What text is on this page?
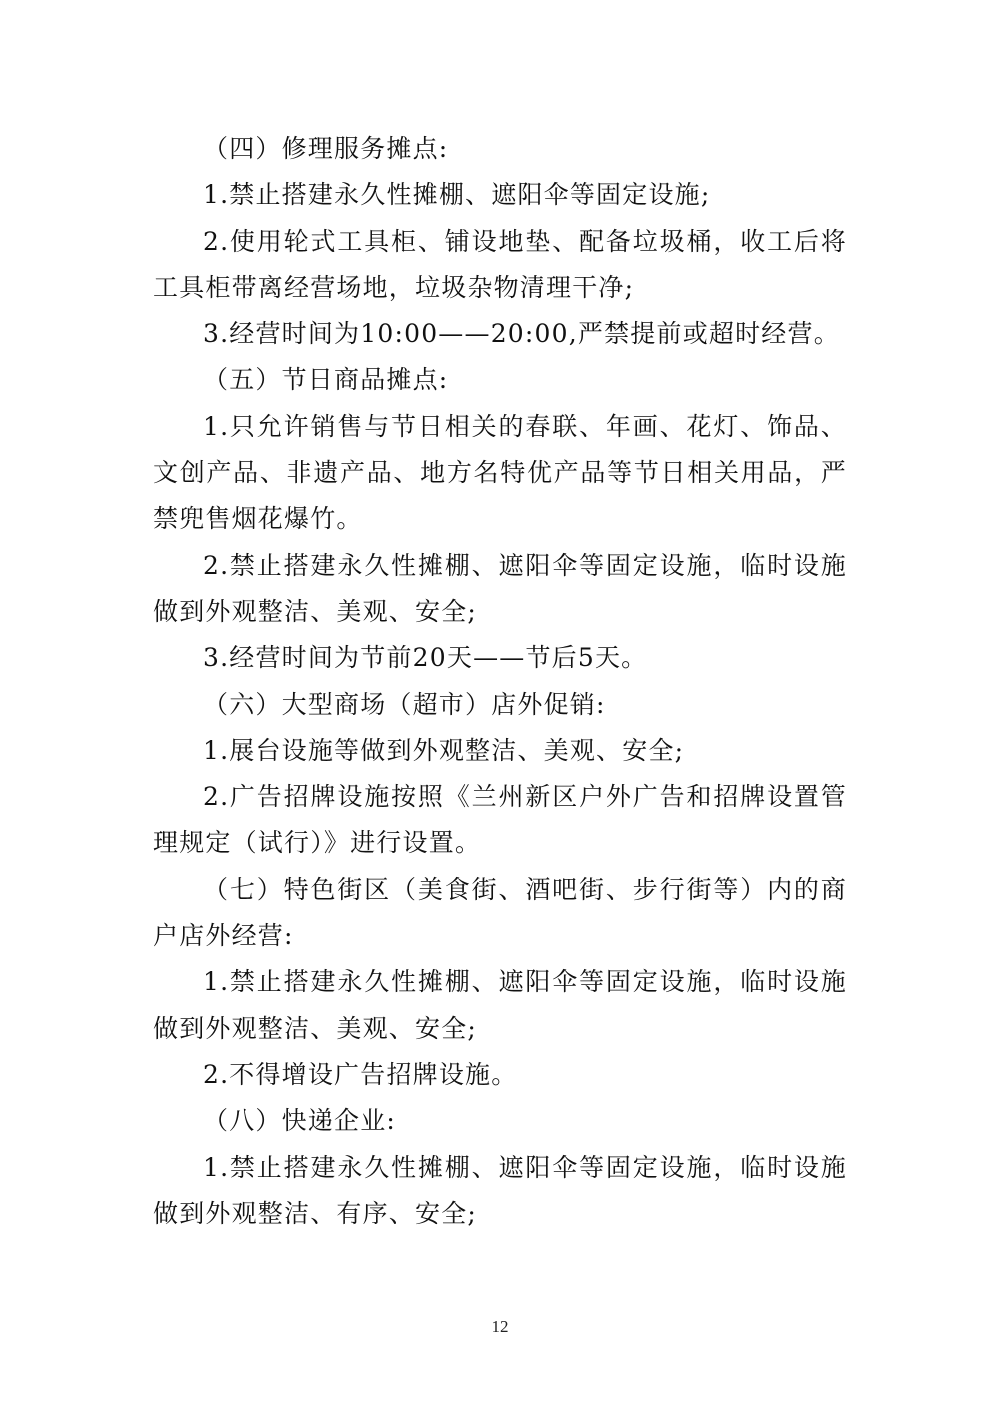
（四）修理服务摊点:

1.禁止搭建永久性摊棚、遮阳伞等固定设施;

2.使用轮式工具柜、铺设地垫、配备垃圾桶，收工后将工具柜带离经营场地，垃圾杂物清理干净;

3.经营时间为10:00——20:00,严禁提前或超时经营。

（五）节日商品摊点:

1.只允许销售与节日相关的春联、年画、花灯、饰品、文创产品、非遗产品、地方名特优产品等节日相关用品，严禁兜售烟花爆竹。

2.禁止搭建永久性摊棚、遮阳伞等固定设施，临时设施做到外观整洁、美观、安全;

3.经营时间为节前20天——节后5天。

（六）大型商场（超市）店外促销:

1.展台设施等做到外观整洁、美观、安全;

2.广告招牌设施按照《兰州新区户外广告和招牌设置管理规定（试行）》进行设置。

（七）特色街区（美食街、酒吧街、步行街等）内的商户店外经营:

1.禁止搭建永久性摊棚、遮阳伞等固定设施，临时设施做到外观整洁、美观、安全;

2.不得增设广告招牌设施。

（八）快递企业:

1.禁止搭建永久性摊棚、遮阳伞等固定设施，临时设施做到外观整洁、有序、安全;

12
